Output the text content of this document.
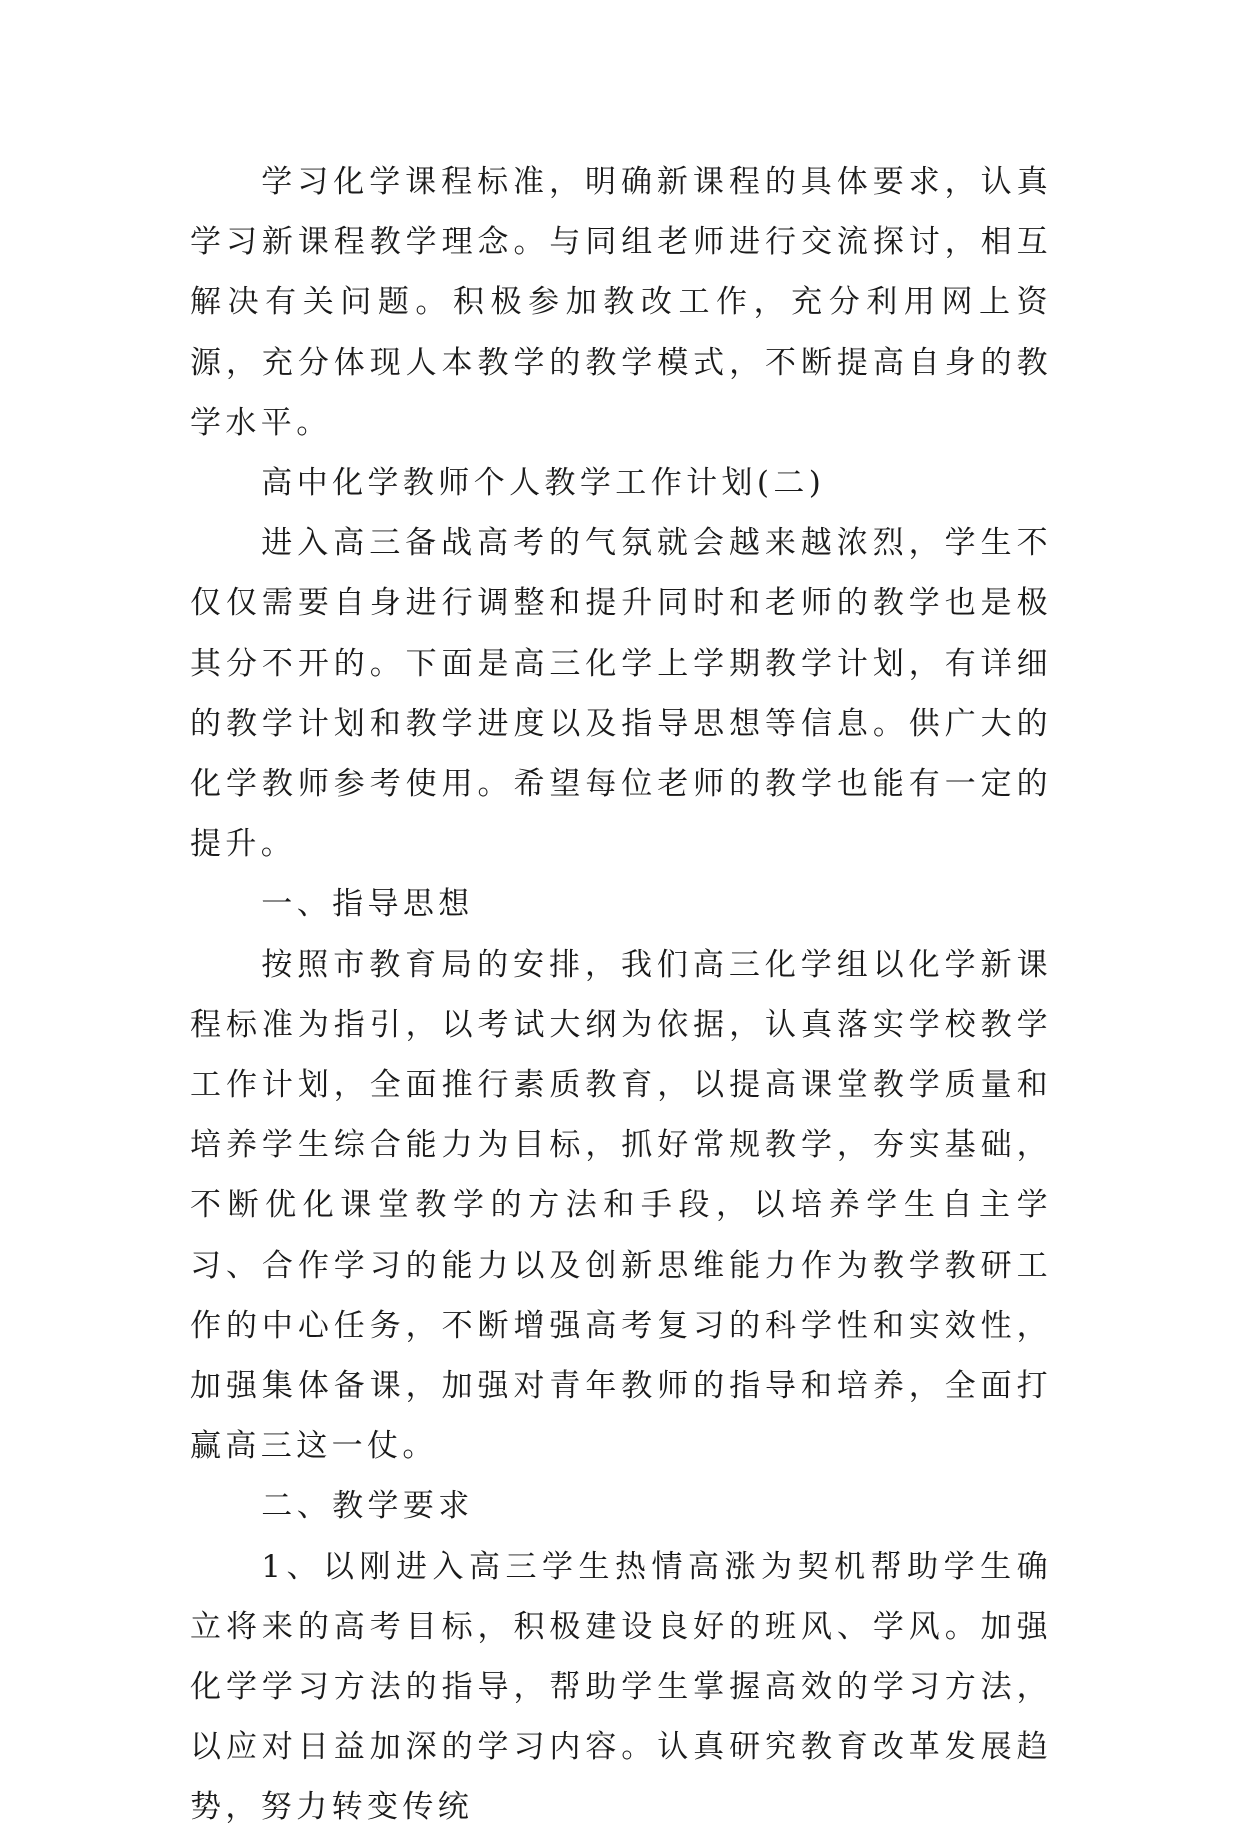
学习化学课程标准，明确新课程的具体要求，认真学习新课程教学理念。与同组老师进行交流探讨，相互解决有关问题。积极参加教改工作，充分利用网上资源，充分体现人本教学的教学模式，不断提高自身的教学水平。

高中化学教师个人教学工作计划(二)

进入高三备战高考的气氛就会越来越浓烈，学生不仅仅需要自身进行调整和提升同时和老师的教学也是极其分不开的。下面是高三化学上学期教学计划，有详细的教学计划和教学进度以及指导思想等信息。供广大的化学教师参考使用。希望每位老师的教学也能有一定的提升。

一、指导思想

按照市教育局的安排，我们高三化学组以化学新课程标准为指引，以考试大纲为依据，认真落实学校教学工作计划，全面推行素质教育，以提高课堂教学质量和培养学生综合能力为目标，抓好常规教学，夯实基础，不断优化课堂教学的方法和手段，以培养学生自主学习、合作学习的能力以及创新思维能力作为教学教研工作的中心任务，不断增强高考复习的科学性和实效性，加强集体备课，加强对青年教师的指导和培养，全面打赢高三这一仗。

二、教学要求

1、以刚进入高三学生热情高涨为契机帮助学生确立将来的高考目标，积极建设良好的班风、学风。加强化学学习方法的指导，帮助学生掌握高效的学习方法，以应对日益加深的学习内容。认真研究教育改革发展趋势，努力转变传统
